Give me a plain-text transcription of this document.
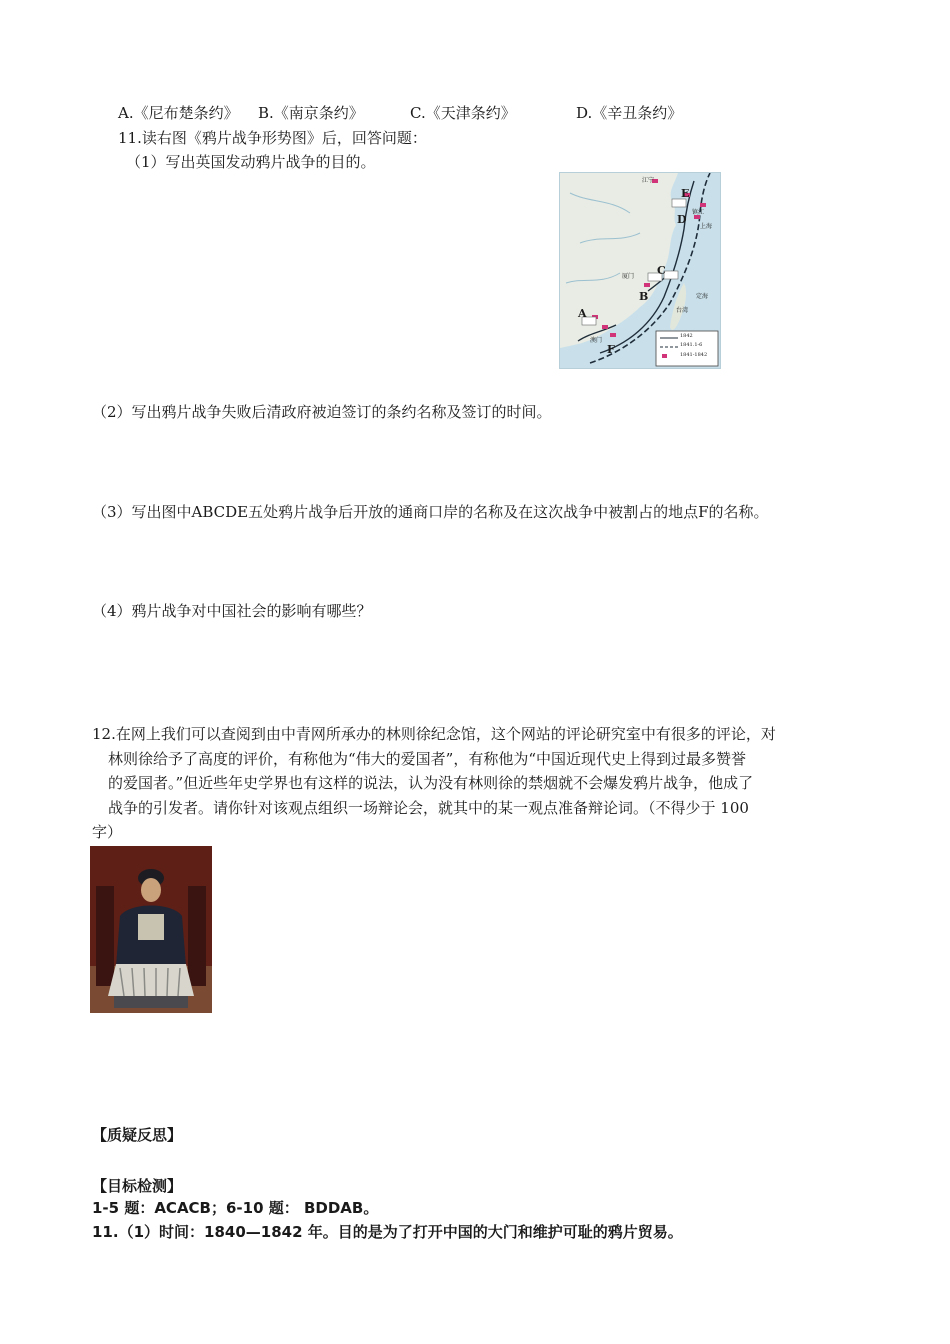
A.《尼布楚条约》 B.《南京条约》	C.《天津条约》	D.《辛丑条约》
11.读右图《鸦片战争形势图》后，回答问题：
（1）写出英国发动鸦片战争的目的。
E
D
C
B
A
F
江宁
镇江
上海
定海
厦门
台湾
澳门
1842
1841.1-6
1841-1842
（2）写出鸦片战争失败后清政府被迫签订的条约名称及签订的时间。
（3）写出图中ABCDE五处鸦片战争后开放的通商口岸的名称及在这次战争中被割占的地点F的名称。
（4）鸦片战争对中国社会的影响有哪些？
12.在网上我们可以查阅到由中青网所承办的林则徐纪念馆，这个网站的评论研究室中有很多的评论，对
林则徐给予了高度的评价，有称他为“伟大的爱国者”，有称他为“中国近现代史上得到过最多赞誉
的爱国者。”但近些年史学界也有这样的说法，认为没有林则徐的禁烟就不会爆发鸦片战争，他成了
战争的引发者。请你针对该观点组织一场辩论会，就其中的某一观点准备辩论词。（不得少于 100
字）
【质疑反思】
【目标检测】
1-5 题：ACACB；6-10 题： BDDAB。
11.（1）时间：1840—1842 年。目的是为了打开中国的大门和维护可耻的鸦片贸易。
